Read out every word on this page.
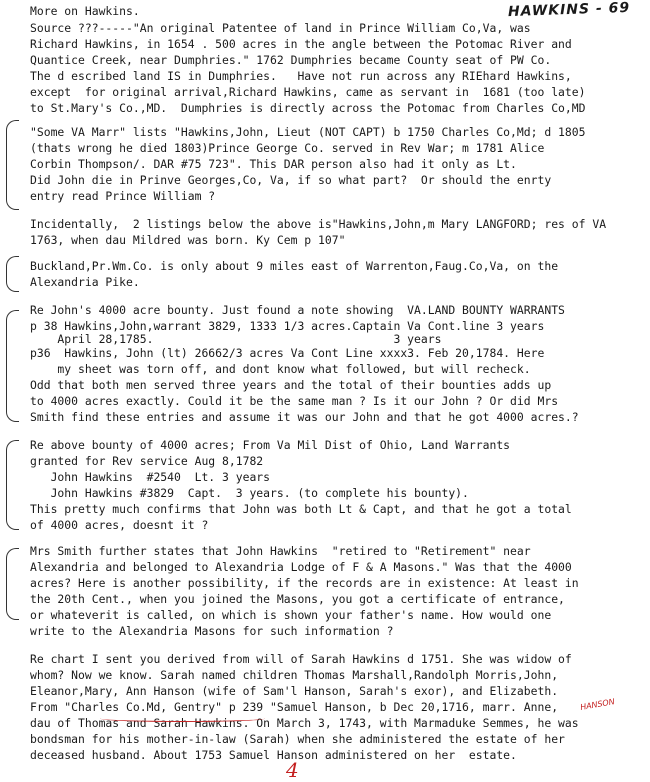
More on Hawkins.	HAWKINS - 69
Source ???-----"An original Patentee of land in Prince William Co,Va, was
Richard Hawkins, in 1654 . 500 acres in the angle between the Potomac River and
Quantice Creek, near Dumphries." 1762 Dumphries became County seat of PW Co.
The d escribed land IS in Dumphries.   Have not run across any RIEhard Hawkins,
except  for original arrival,Richard Hawkins, came as servant in  1681 (too late)
to St.Mary's Co.,MD.  Dumphries is directly across the Potomac from Charles Co,MD
"Some VA Marr" lists "Hawkins,John, Lieut (NOT CAPT) b 1750 Charles Co,Md; d 1805
(thats wrong he died 1803)Prince George Co. served in Rev War; m 1781 Alice
Corbin Thompson/. DAR #75 723". This DAR person also had it only as Lt.
Did John die in Prinve Georges,Co, Va, if so what part?  Or should the enrty
entry read Prince William ?
Incidentally,  2 listings below the above is"Hawkins,John,m Mary LANGFORD; res of VA
1763, when dau Mildred was born. Ky Cem p 107"
Buckland,Pr.Wm.Co. is only about 9 miles east of Warrenton,Faug.Co,Va, on the
Alexandria Pike.
Re John's 4000 acre bounty. Just found a note showing  VA.LAND BOUNTY WARRANTS
p 38 Hawkins,John,warrant 3829, 1333 1/3 acres.Captain Va Cont.line 3 years
April 28,1785.                                   3 years
p36  Hawkins, John (lt) 26662/3 acres Va Cont Line xxxx3. Feb 20,1784. Here
my sheet was torn off, and dont know what followed, but will recheck.
Odd that both men served three years and the total of their bounties adds up
to 4000 acres exactly. Could it be the same man ? Is it our John ? Or did Mrs
Smith find these entries and assume it was our John and that he got 4000 acres.?
Re above bounty of 4000 acres; From Va Mil Dist of Ohio, Land Warrants
granted for Rev service Aug 8,1782
John Hawkins  #2540  Lt. 3 years
John Hawkins #3829  Capt.  3 years. (to complete his bounty).
This pretty much confirms that John was both Lt & Capt, and that he got a total
of 4000 acres, doesnt it ?
Mrs Smith further states that John Hawkins  "retired to "Retirement" near
Alexandria and belonged to Alexandria Lodge of F & A Masons." Was that the 4000
acres? Here is another possibility, if the records are in existence: At least in
the 20th Cent., when you joined the Masons, you got a certificate of entrance,
or whateverit is called, on which is shown your father's name. How would one
write to the Alexandria Masons for such information ?
Re chart I sent you derived from will of Sarah Hawkins d 1751. She was widow of
whom? Now we know. Sarah named children Thomas Marshall,Randolph Morris,John,
Eleanor,Mary, Ann Hanson (wife of Sam'l Hanson, Sarah's exor), and Elizabeth.
From "Charles Co.Md, Gentry" p 239 "Samuel Hanson, b Dec 20,1716, marr. Anne,
dau of Thomas and Sarah Hawkins. On March 3, 1743, with Marmaduke Semmes, he was
bondsman for his mother-in-law (Sarah) when she administered the estate of her
deceased husband. About 1753 Samuel Hanson administered on her  estate.
HANSON
4
